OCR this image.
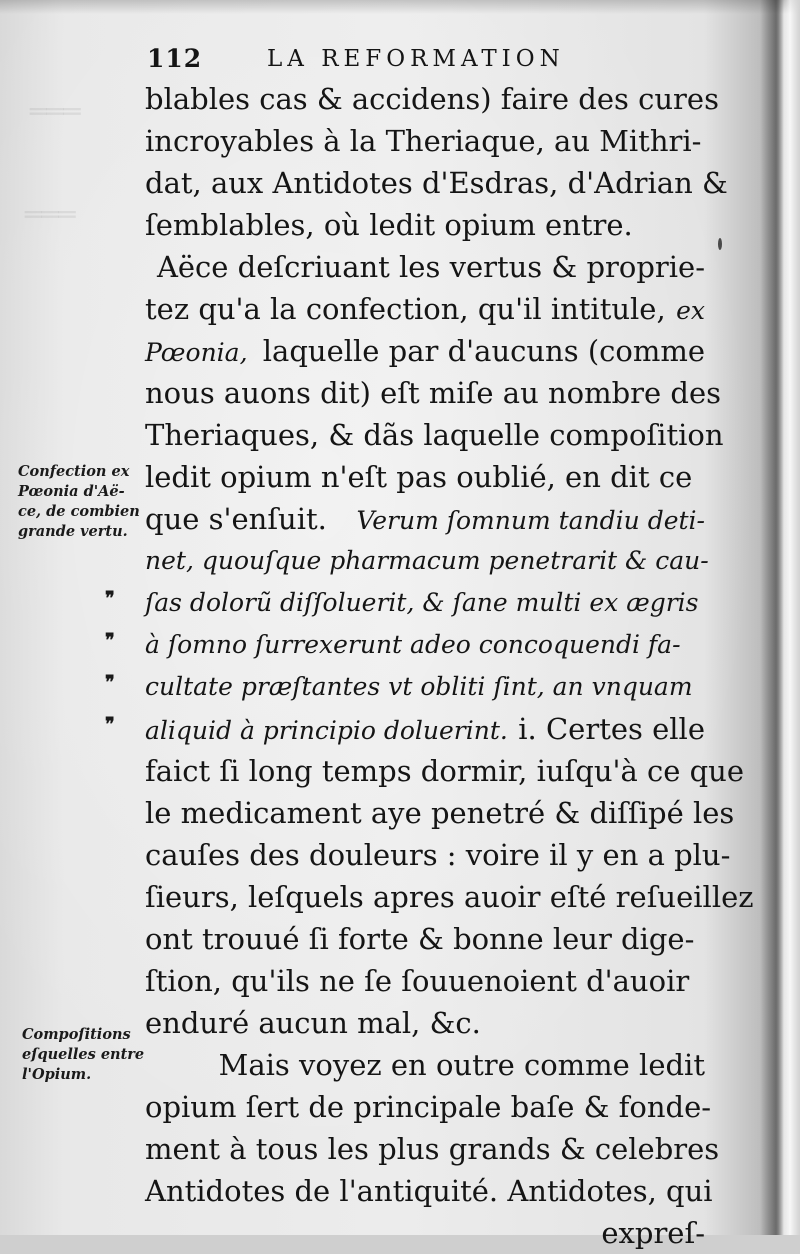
═══
═══
112	LA REFORMATION
blables cas & accidens) faire des cures
incroyables à la Theriaque, au Mithri-
dat, aux Antidotes d'Esdras, d'Adrian &
ſemblables, où ledit opium entre.
Aëce deſcriuant les vertus & proprie-
tez qu'a la confection, qu'il intitule, ex
Pœonia, laquelle par d'aucuns (comme
nous auons dit) eſt miſe au nombre des
Theriaques, & dãs laquelle compoſition
ledit opium n'eſt pas oublié, en dit ce
que s'enſuit. Verum ſomnum tandiu deti-
net, quouſque pharmacum penetrarit & cau-
ſas dolorũ diſſoluerit, & ſane multi ex ægris
à ſomno ſurrexerunt adeo concoquendi fa-
cultate præſtantes vt obliti ſint, an vnquam
aliquid à principio doluerint. i. Certes elle
faict ſi long temps dormir, iuſqu'à ce que
le medicament aye penetré & diſſipé les
cauſes des douleurs : voire il y en a plu-
ſieurs, leſquels apres auoir eſté reſueillez
ont trouué ſi forte & bonne leur dige-
ſtion, qu'ils ne ſe ſouuenoient d'auoir
enduré aucun mal, &c.
Mais voyez en outre comme ledit
opium ſert de principale baſe & fonde-
ment à tous les plus grands & celebres
Antidotes de l'antiquité. Antidotes, qui
expreſ-
Confection ex
Pœonia d'Aë-
ce, de combien
grande vertu.
Compoſitions
eſquelles entre
l'Opium.
❞
❞
❞
❞
